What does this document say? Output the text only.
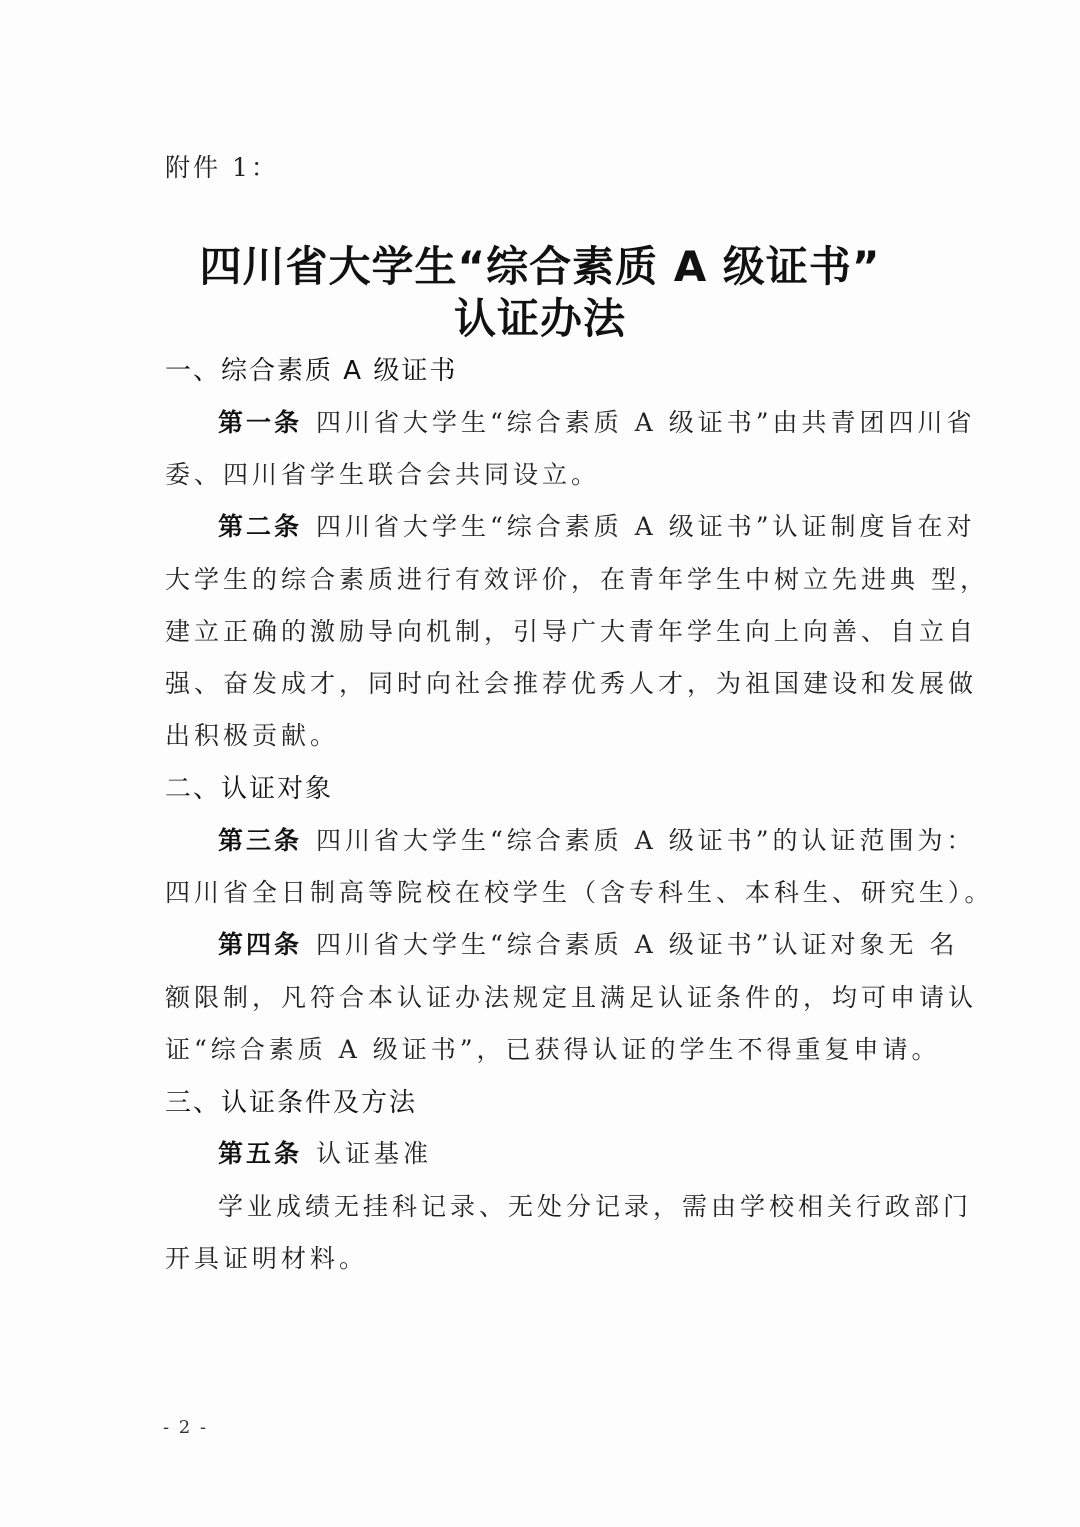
附件 1：
四川省大学生“综合素质 A 级证书”
认证办法
一、综合素质 A 级证书
第一条 四川省大学生“综合素质 A 级证书”由共青团四川省
委、四川省学生联合会共同设立。
第二条 四川省大学生“综合素质 A 级证书”认证制度旨在对
大学生的综合素质进行有效评价，在青年学生中树立先进典 型，
建立正确的激励导向机制，引导广大青年学生向上向善、自立自
强、奋发成才，同时向社会推荐优秀人才，为祖国建设和发展做
出积极贡献。
二、认证对象
第三条 四川省大学生“综合素质 A 级证书”的认证范围为：
四川省全日制高等院校在校学生（含专科生、本科生、研究生）。
第四条 四川省大学生“综合素质 A 级证书”认证对象无 名
额限制，凡符合本认证办法规定且满足认证条件的，均可申请认
证“综合素质 A 级证书”，已获得认证的学生不得重复申请。
三、认证条件及方法
第五条 认证基准
学业成绩无挂科记录、无处分记录，需由学校相关行政部门
开具证明材料。
- 2 -
